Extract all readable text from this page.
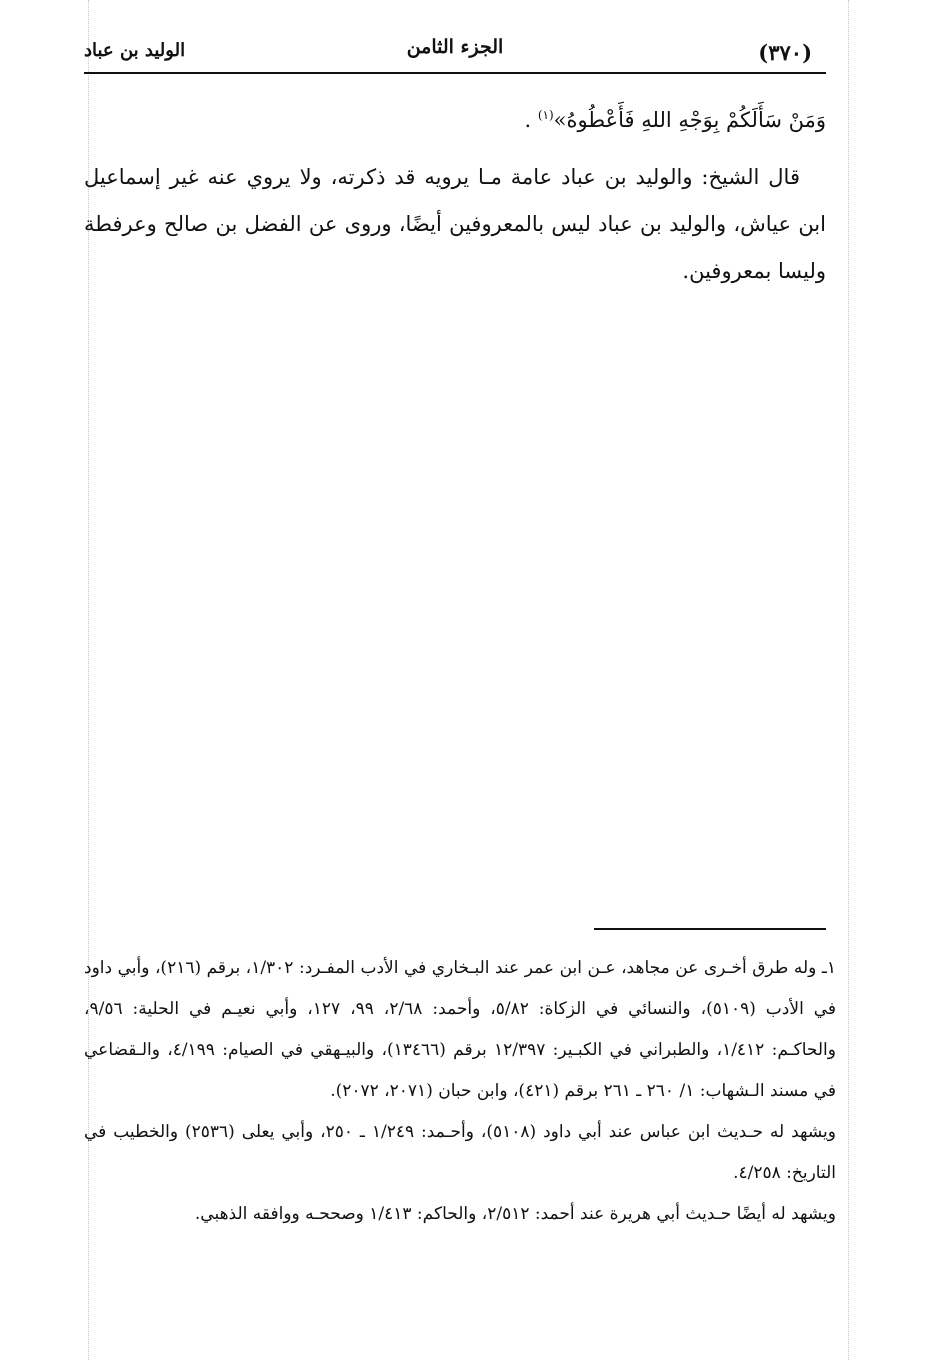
(٣٧٠)
الجزء الثامن
الوليد بن عباد

وَمَنْ سَأَلَكُمْ بِوَجْهِ اللهِ فَأَعْطُوهُ»$^{(١)}$ .

قال الشيخ: والوليد بن عباد عامة مـا يرويه قد ذكرته، ولا يروي عنه غير إسماعيل ابن عياش، والوليد بن عباد ليس بالمعروفين أيضًا، وروى عن الفضل بن صالح وعرفطة وليسا بمعروفين.

١ـ وله طرق أخـرى عن مجاهد، عـن ابن عمر عند البـخاري في الأدب المفـرد: ١/٣٠٢، برقم (٢١٦)، وأبي داود في الأدب (٥١٠٩)، والنسائي في الزكاة: ٥/٨٢، وأحمد: ٢/٦٨، ٩٩، ١٢٧، وأبي نعيـم في الحلية: ٩/٥٦، والحاكـم: ١/٤١٢، والطبراني في الكبـير: ١٢/٣٩٧ برقم (١٣٤٦٦)، والبيـهقي في الصيام: ٤/١٩٩، والـقضاعي في مسند الـشهاب: ١/ ٢٦٠ ـ ٢٦١ برقم (٤٢١)، وابن حبان (٢٠٧١، ٢٠٧٢).

ويشهد له حـديث ابن عباس عند أبي داود (٥١٠٨)، وأحـمد: ١/٢٤٩ ـ ٢٥٠، وأبي يعلى (٢٥٣٦) والخطيب في التاريخ: ٤/٢٥٨.

ويشهد له أيضًا حـديث أبي هريرة عند أحمد: ٢/٥١٢، والحاكم: ١/٤١٣ وصححـه ووافقه الذهبي.
